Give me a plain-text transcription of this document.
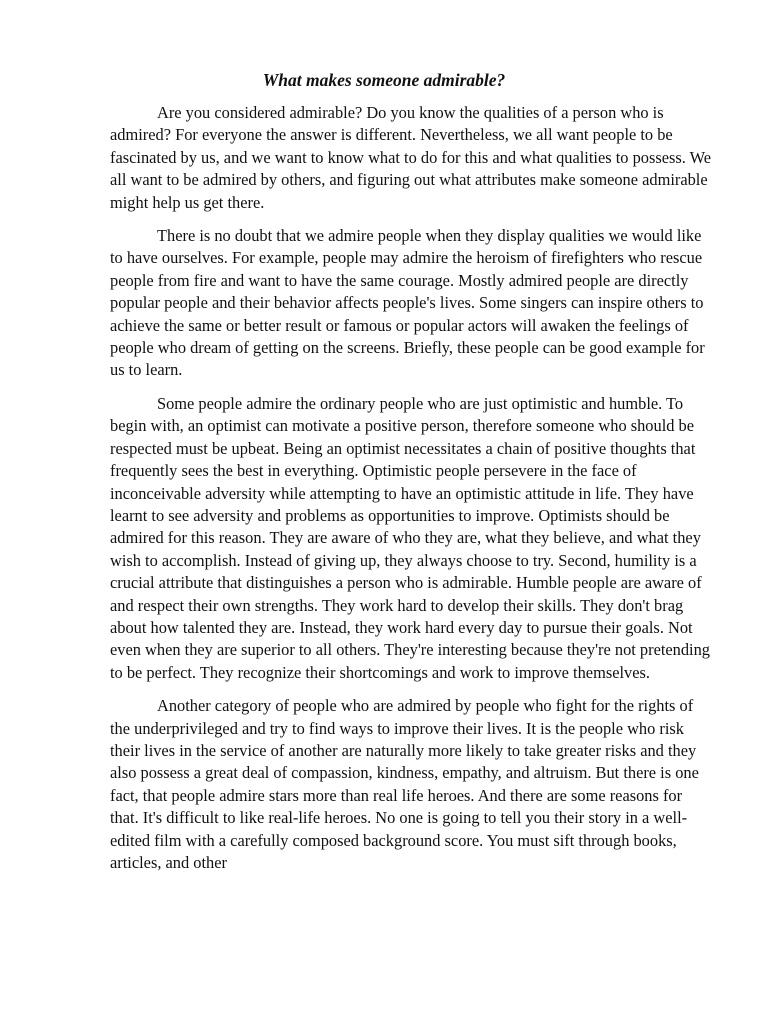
What makes someone admirable?

Are you considered admirable? Do you know the qualities of a person who is admired? For everyone the answer is different. Nevertheless, we all want people to be fascinated by us, and we want to know what to do for this and what qualities to possess. We all want to be admired by others, and figuring out what attributes make someone admirable might help us get there.

There is no doubt that we admire people when they display qualities we would like to have ourselves. For example, people may admire the heroism of firefighters who rescue people from fire and want to have the same courage. Mostly admired people are directly popular people and their behavior affects people's lives. Some singers can inspire others to achieve the same or better result or famous or popular actors will awaken the feelings of people who dream of getting on the screens. Briefly, these people can be good example for us to learn.

Some people admire the ordinary people who are just optimistic and humble. To begin with, an optimist can motivate a positive person, therefore someone who should be respected must be upbeat. Being an optimist necessitates a chain of positive thoughts that frequently sees the best in everything. Optimistic people persevere in the face of inconceivable adversity while attempting to have an optimistic attitude in life. They have learnt to see adversity and problems as opportunities to improve. Optimists should be admired for this reason. They are aware of who they are, what they believe, and what they wish to accomplish. Instead of giving up, they always choose to try. Second, humility is a crucial attribute that distinguishes a person who is admirable. Humble people are aware of and respect their own strengths. They work hard to develop their skills. They don't brag about how talented they are. Instead, they work hard every day to pursue their goals. Not even when they are superior to all others. They're interesting because they're not pretending to be perfect. They recognize their shortcomings and work to improve themselves.

Another category of people who are admired by people who fight for the rights of the underprivileged and try to find ways to improve their lives. It is the people who risk their lives in the service of another are naturally more likely to take greater risks and they also possess a great deal of compassion, kindness, empathy, and altruism. But there is one fact, that people admire stars more than real life heroes. And there are some reasons for that. It's difficult to like real-life heroes. No one is going to tell you their story in a well-edited film with a carefully composed background score. You must sift through books, articles, and other
